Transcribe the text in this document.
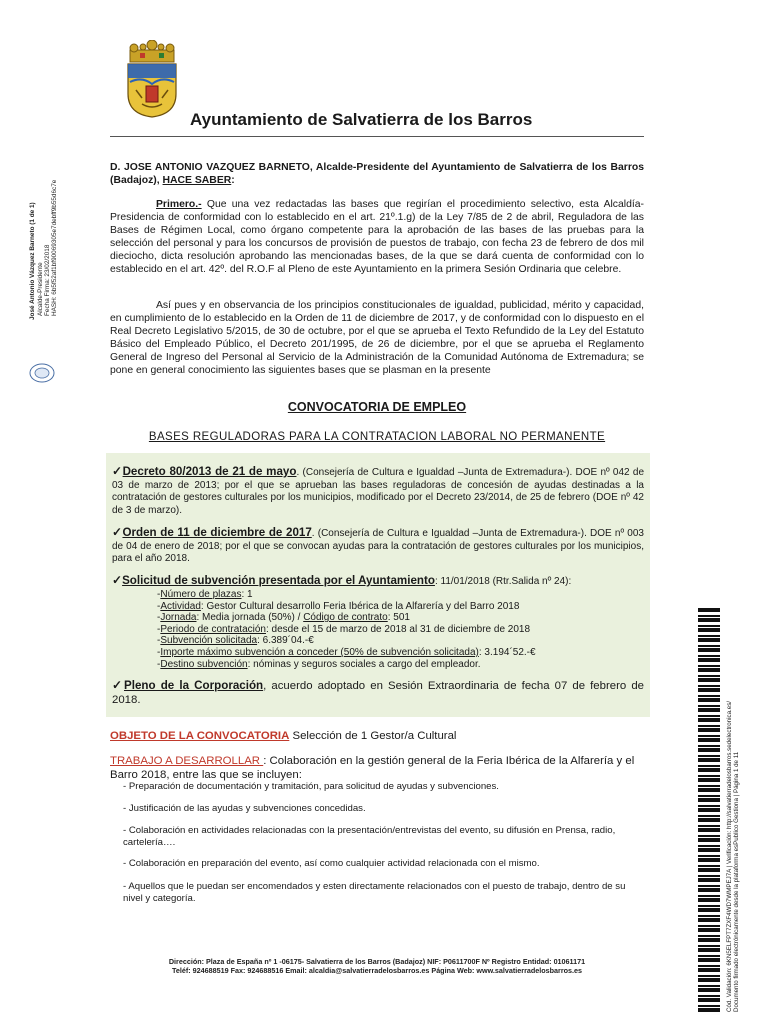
Ayuntamiento de Salvatierra de los Barros

D. JOSE ANTONIO VAZQUEZ BARNETO, Alcalde-Presidente del Ayuntamiento de Salvatierra de los Barros (Badajoz), HACE SABER:

Primero.- Que una vez redactadas las bases que regirían el procedimiento selectivo, esta Alcaldía-Presidencia de conformidad con lo establecido en el art. 21º.1.g) de la Ley 7/85 de 2 de abril, Reguladora de las Bases de Régimen Local, como órgano competente para la aprobación de las bases de las pruebas para la selección del personal y para los concursos de provisión de puestos de trabajo, con fecha 23 de febrero de dos mil dieciocho, dicta resolución aprobando las mencionadas bases, de la que se dará cuenta de conformidad con lo establecido en el art. 42º. del R.O.F al Pleno de este Ayuntamiento en la primera Sesión Ordinaria que celebre.

Así pues y en observancia de los principios constitucionales de igualdad, publicidad, mérito y capacidad, en cumplimiento de lo establecido en la Orden de 11 de diciembre de 2017, y de conformidad con lo dispuesto en el Real Decreto Legislativo 5/2015, de 30 de octubre, por el que se aprueba el Texto Refundido de la Ley del Estatuto Básico del Empleado Público, el Decreto 201/1995, de 26 de diciembre, por el que se aprueba el Reglamento General de Ingreso del Personal al Servicio de la Administración de la Comunidad Autónoma de Extremadura; se pone en general conocimiento las siguientes bases que se plasman en la presente

CONVOCATORIA DE EMPLEO
BASES REGULADORAS PARA LA CONTRATACION LABORAL NO PERMANENTE

✓Decreto 80/2013 de 21 de mayo. (Consejería de Cultura e Igualdad –Junta de Extremadura-). DOE nº 042 de 03 de marzo de 2013; por el que se aprueban las bases reguladoras de concesión de ayudas destinadas a la contratación de gestores culturales por los municipios, modificado por el Decreto 23/2014, de 25 de febrero (DOE nº 42 de 3 de marzo).

✓Orden de 11 de diciembre de 2017. (Consejería de Cultura e Igualdad –Junta de Extremadura-). DOE nº 003 de 04 de enero de 2018; por el que se convocan ayudas para la contratación de gestores culturales por los municipios, para el año 2018.

✓Solicitud de subvención presentada por el Ayuntamiento: 11/01/2018 (Rtr.Salida nº 24):

-Número de plazas: 1
-Actividad: Gestor Cultural desarrollo Feria Ibérica de la Alfarería y del Barro 2018
-Jornada: Media jornada (50%) / Código de contrato: 501
-Periodo de contratación: desde el 15 de marzo de 2018 al 31 de diciembre de 2018
-Subvención solicitada: 6.389´04.-€
-Importe máximo subvención a conceder (50% de subvención solicitada): 3.194´52.-€
-Destino subvención: nóminas y seguros sociales a cargo del empleador.

✓Pleno de la Corporación, acuerdo adoptado en Sesión Extraordinaria de fecha 07 de febrero de 2018.

OBJETO DE LA CONVOCATORIA Selección de 1 Gestor/a Cultural

TRABAJO A DESARROLLAR : Colaboración en la gestión general de la Feria Ibérica de la Alfarería y el Barro 2018, entre las que se incluyen:

- Preparación de documentación y tramitación, para solicitud de ayudas y subvenciones.

- Justificación de las ayudas y subvenciones concedidas.

- Colaboración en actividades relacionadas con la presentación/entrevistas del evento, su difusión en Prensa, radio, cartelería….

- Colaboración en preparación del evento, así como cualquier actividad relacionada con el mismo.

- Aquellos que le puedan ser encomendados y esten directamente relacionados con el puesto de trabajo, dentro de su nivel y categoría.

Dirección: Plaza de España nº 1 -06175- Salvatierra de los Barros (Badajoz) NIF: P0611700F Nº Registro Entidad: 01061171
Teléf: 924688519 Fax: 924688516 Email: alcaldia@salvatierradelosbarros.es Página Web: www.salvatierradelosbarros.es
José Antonio Vázquez Barneto (1 de 1) Alcalde-Presidente Fecha Firma: 23/02/2018 HASH: 6b5f52af1bf90069305e7debff9b55d6c7e
Cód. Validación: 6KN5ELFPT7ZXF4WD7WMPEJ7A | Verificación: http://salvatierradelosbarros.sedelectronica.es/ Documento firmado electrónicamente desde la plataforma esPublico Gestiona | Página 1 de 11
